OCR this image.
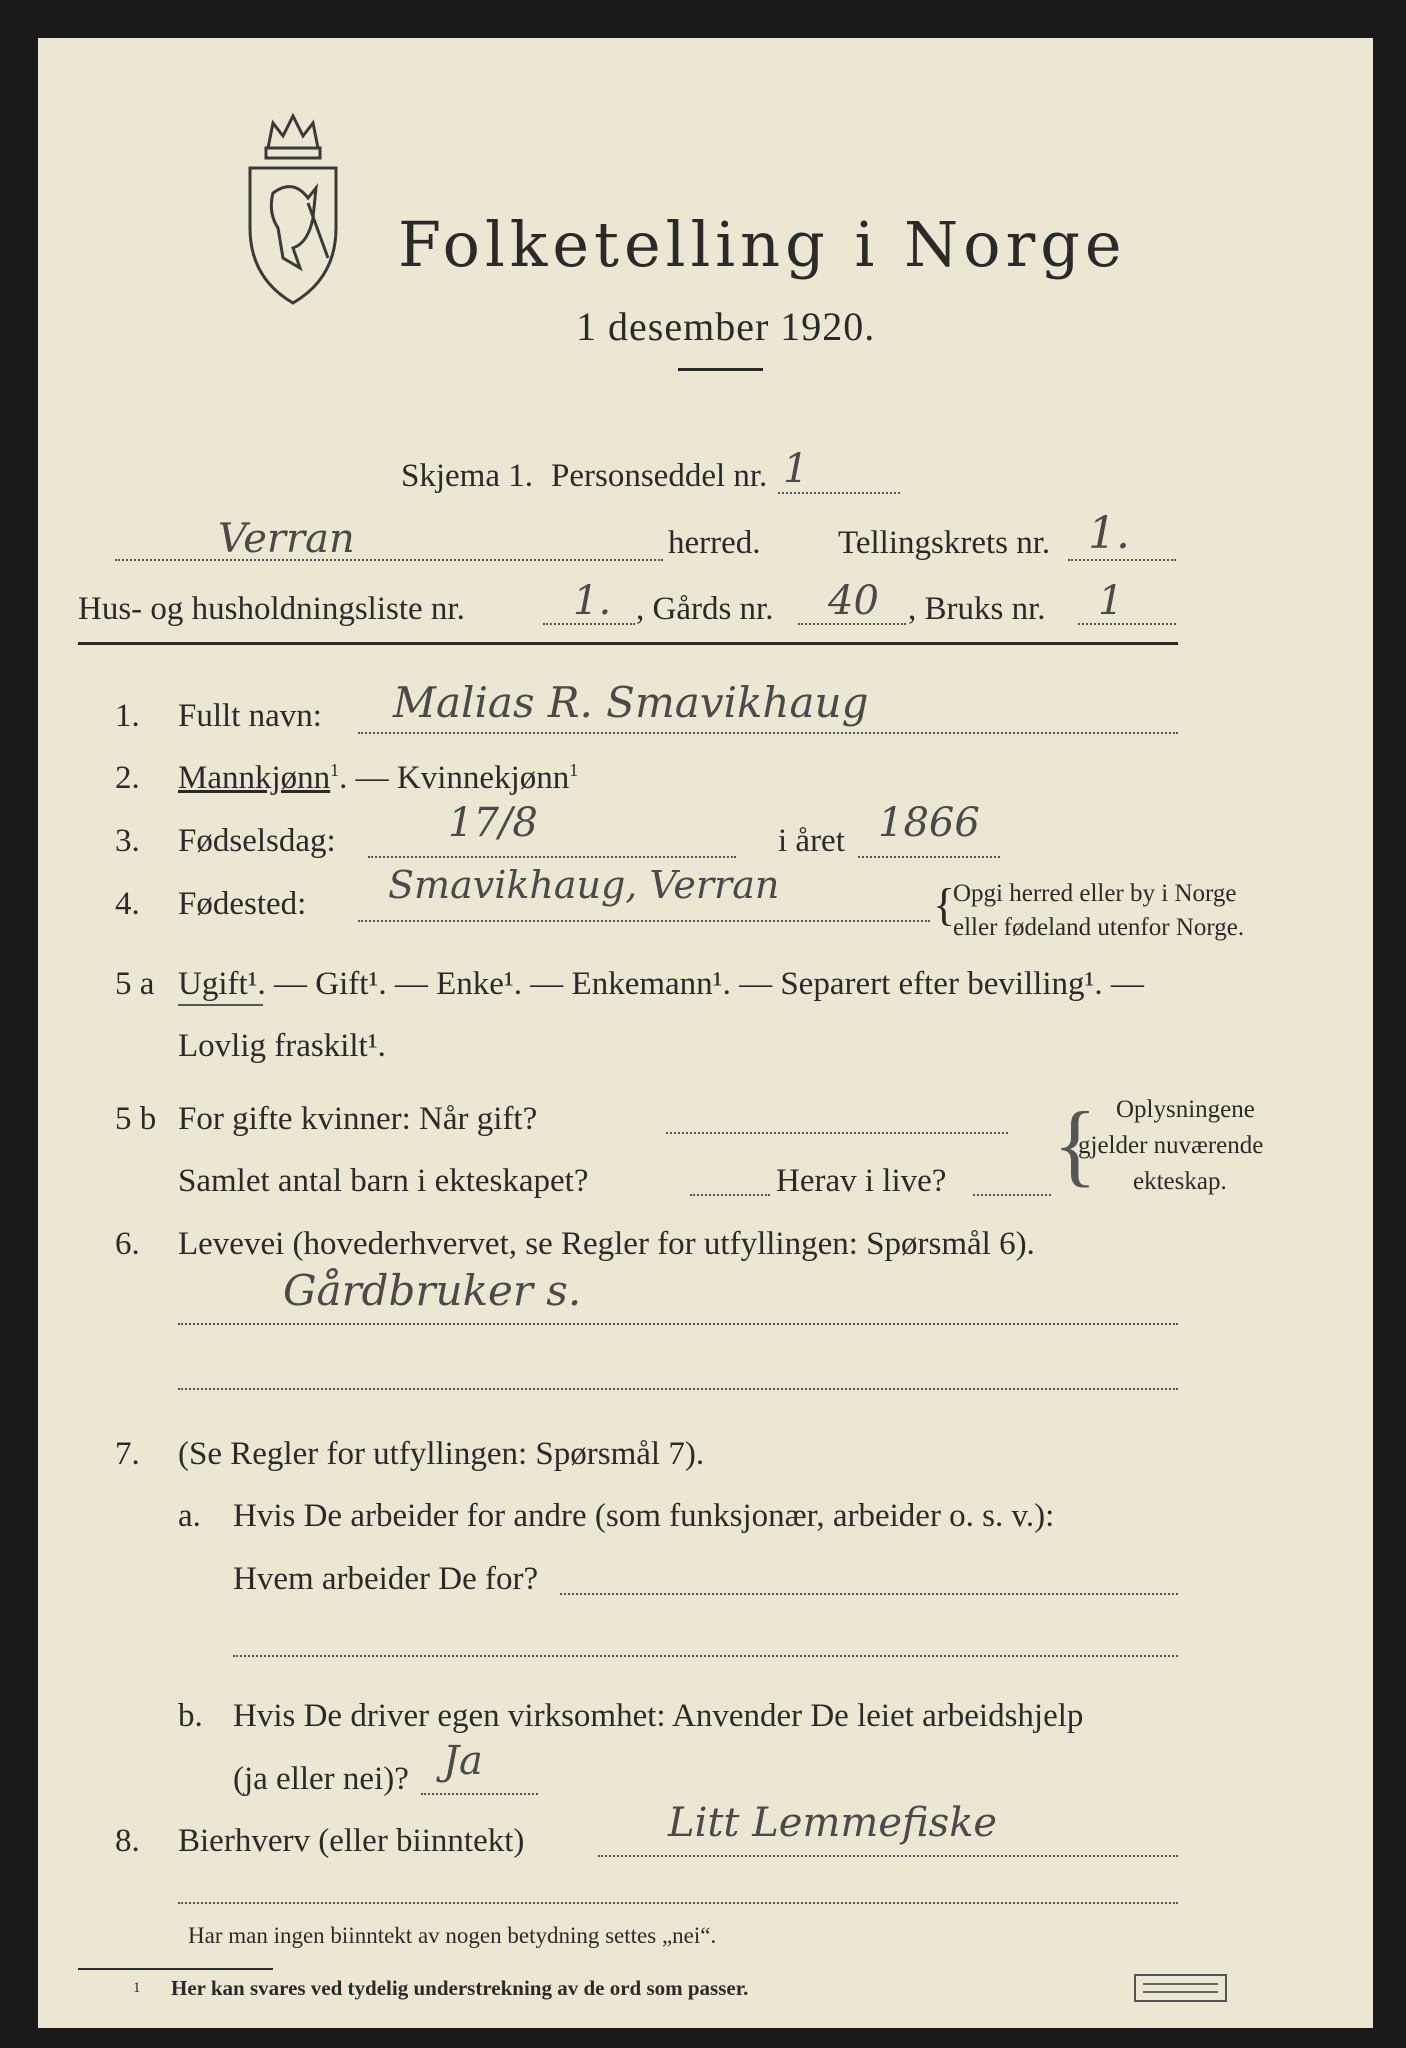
Folketelling i Norge
1 desember 1920.
Skjema 1. Personseddel nr. 1
Verran	herred. Tellingskrets nr. 1.
Hus- og husholdningsliste nr.	1. , Gårds nr. 40 , Bruks nr. 1
1. Fullt navn: Malias R. Smavikhaug
2. Mannkjønn$^1$. — Kvinnekjønn$^1$
3. Fødselsdag:	17/8	i året 1866
4. Fødested: Smavikhaug, Verran	{
Opgi herred eller by i Norge
eller fødeland utenfor Norge.
5 a Ugift¹. — Gift¹. — Enke¹. — Enkemann¹. — Separert efter bevilling¹. —
Lovlig fraskilt¹.
5 b For gifte kvinner: Når gift?
Samlet antal barn i ekteskapet?	Herav i live? { Oplysningene
gjelder nuværende
ekteskap.
6. Levevei (hovederhvervet, se Regler for utfyllingen: Spørsmål 6).
Gårdbruker s.
7. (Se Regler for utfyllingen: Spørsmål 7).
a. Hvis De arbeider for andre (som funksjonær, arbeider o. s. v.):
Hvem arbeider De for?
b. Hvis De driver egen virksomhet: Anvender De leiet arbeidshjelp
(ja eller nei)? Ja
8. Bierhverv (eller biinntekt)	Litt Lemmefiske
Har man ingen biinntekt av nogen betydning settes „nei“.
1 Her kan svares ved tydelig understrekning av de ord som passer.
